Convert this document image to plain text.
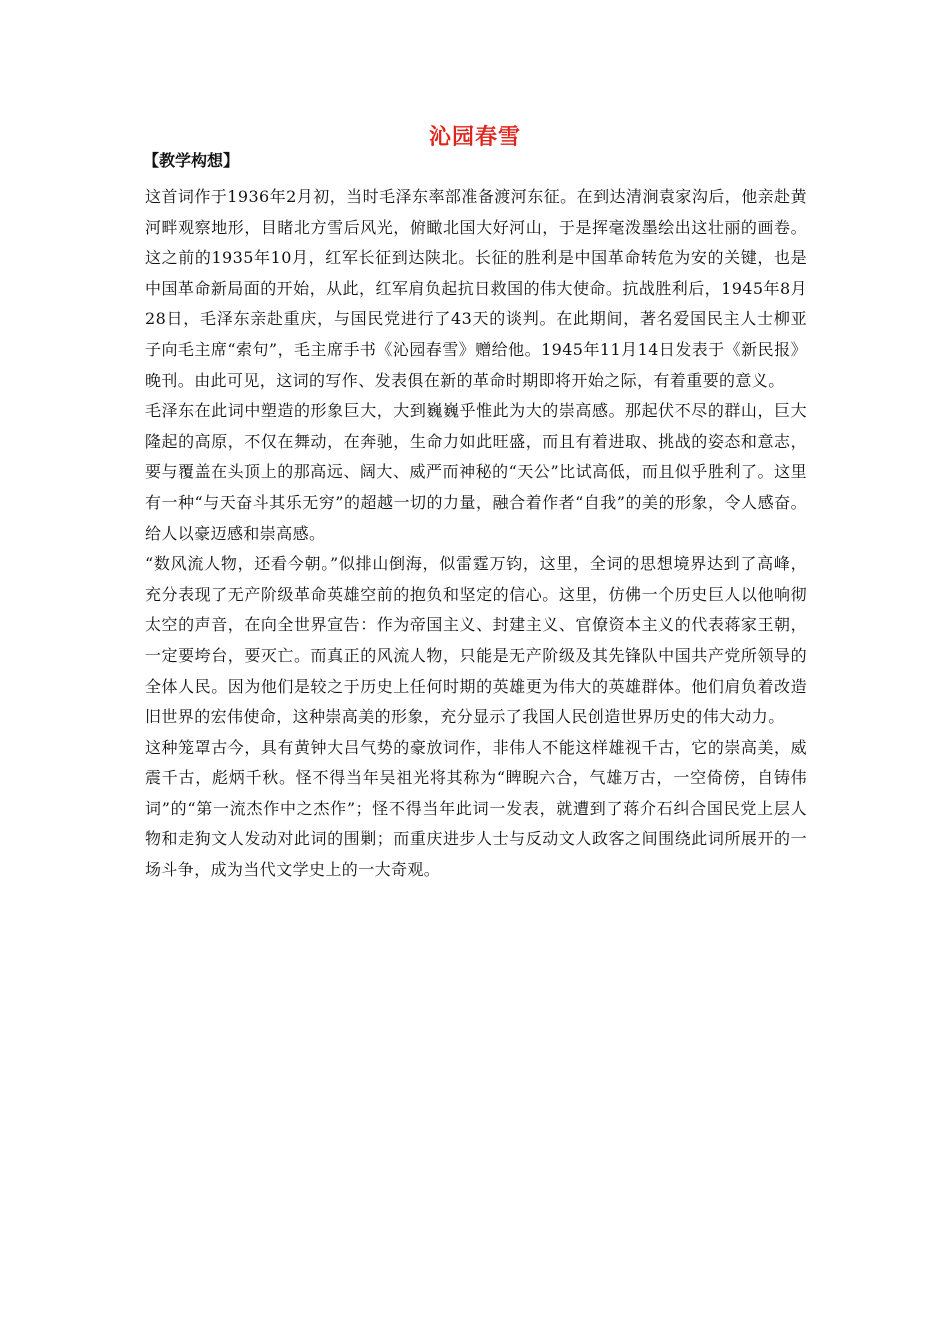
沁园春雪
【教学构想】

这首词作于1936年2月初，当时毛泽东率部准备渡河东征。在到达清涧袁家沟后，他亲赴黄河畔观察地形，目睹北方雪后风光，俯瞰北国大好河山，于是挥毫泼墨绘出这壮丽的画卷。这之前的1935年10月，红军长征到达陕北。长征的胜利是中国革命转危为安的关键，也是中国革命新局面的开始，从此，红军肩负起抗日救国的伟大使命。抗战胜利后，1945年8月28日，毛泽东亲赴重庆，与国民党进行了43天的谈判。在此期间，著名爱国民主人士柳亚子向毛主席“索句”，毛主席手书《沁园春雪》赠给他。1945年11月14日发表于《新民报》晚刊。由此可见，这词的写作、发表俱在新的革命时期即将开始之际，有着重要的意义。

毛泽东在此词中塑造的形象巨大，大到巍巍乎惟此为大的崇高感。那起伏不尽的群山，巨大隆起的高原，不仅在舞动，在奔驰，生命力如此旺盛，而且有着进取、挑战的姿态和意志，要与覆盖在头顶上的那高远、阔大、威严而神秘的“天公”比试高低，而且似乎胜利了。这里有一种“与天奋斗其乐无穷”的超越一切的力量，融合着作者“自我”的美的形象，令人感奋。给人以豪迈感和崇高感。

“数风流人物，还看今朝。”似排山倒海，似雷霆万钧，这里，全词的思想境界达到了高峰，充分表现了无产阶级革命英雄空前的抱负和坚定的信心。这里，仿佛一个历史巨人以他响彻太空的声音，在向全世界宣告：作为帝国主义、封建主义、官僚资本主义的代表蒋家王朝，一定要垮台，要灭亡。而真正的风流人物，只能是无产阶级及其先锋队中国共产党所领导的全体人民。因为他们是较之于历史上任何时期的英雄更为伟大的英雄群体。他们肩负着改造旧世界的宏伟使命，这种崇高美的形象，充分显示了我国人民创造世界历史的伟大动力。

这种笼罩古今，具有黄钟大吕气势的豪放词作，非伟人不能这样雄视千古，它的崇高美，威震千古，彪炳千秋。怪不得当年吴祖光将其称为“睥睨六合，气雄万古，一空倚傍，自铸伟词”的“第一流杰作中之杰作”；怪不得当年此词一发表，就遭到了蒋介石纠合国民党上层人物和走狗文人发动对此词的围剿；而重庆进步人士与反动文人政客之间围绕此词所展开的一场斗争，成为当代文学史上的一大奇观。
